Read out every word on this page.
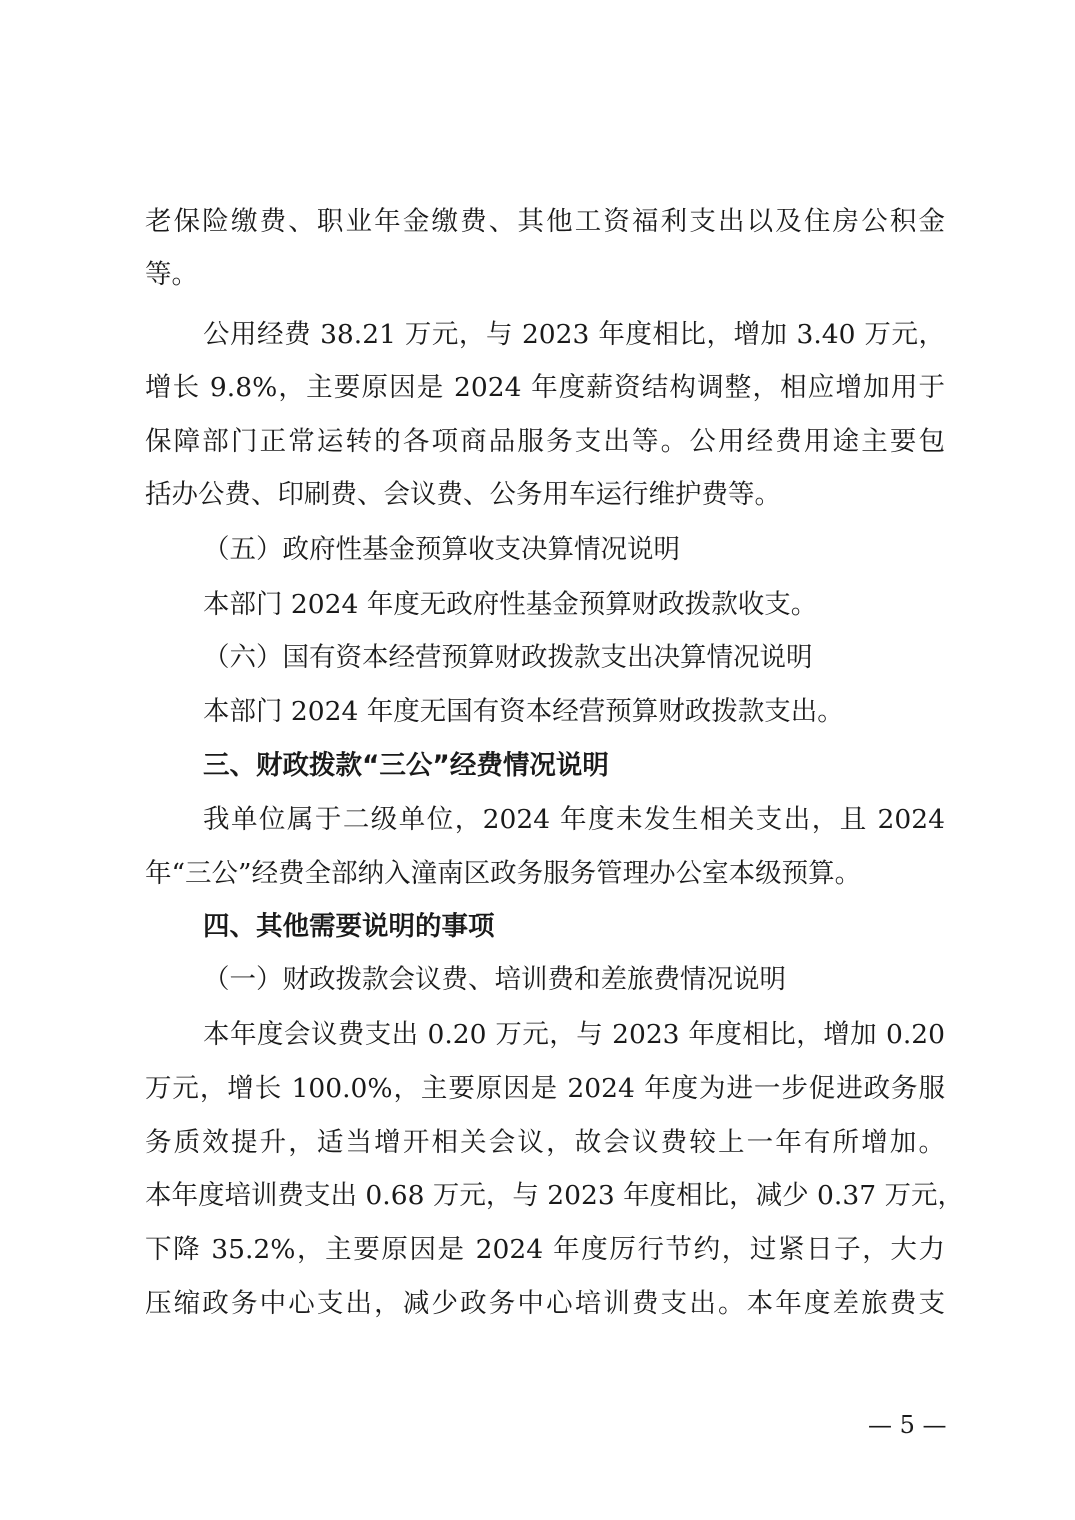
老保险缴费、职业年金缴费、其他工资福利支出以及住房公积金
等。
公用经费 38.21 万元，与 2023 年度相比，增加 3.40 万元，
增长 9.8%，主要原因是 2024 年度薪资结构调整，相应增加用于
保障部门正常运转的各项商品服务支出等。公用经费用途主要包
括办公费、印刷费、会议费、公务用车运行维护费等。
（五）政府性基金预算收支决算情况说明
本部门 2024 年度无政府性基金预算财政拨款收支。
（六）国有资本经营预算财政拨款支出决算情况说明
本部门 2024 年度无国有资本经营预算财政拨款支出。
三、财政拨款“三公”经费情况说明
我单位属于二级单位，2024 年度未发生相关支出，且 2024
年“三公”经费全部纳入潼南区政务服务管理办公室本级预算。
四、其他需要说明的事项
（一）财政拨款会议费、培训费和差旅费情况说明
本年度会议费支出 0.20 万元，与 2023 年度相比，增加 0.20
万元，增长 100.0%，主要原因是 2024 年度为进一步促进政务服
务质效提升，适当增开相关会议，故会议费较上一年有所增加。
本年度培训费支出 0.68 万元，与 2023 年度相比，减少 0.37 万元，
下降 35.2%，主要原因是 2024 年度厉行节约，过紧日子，大力
压缩政务中心支出，减少政务中心培训费支出。本年度差旅费支
— 5 —
